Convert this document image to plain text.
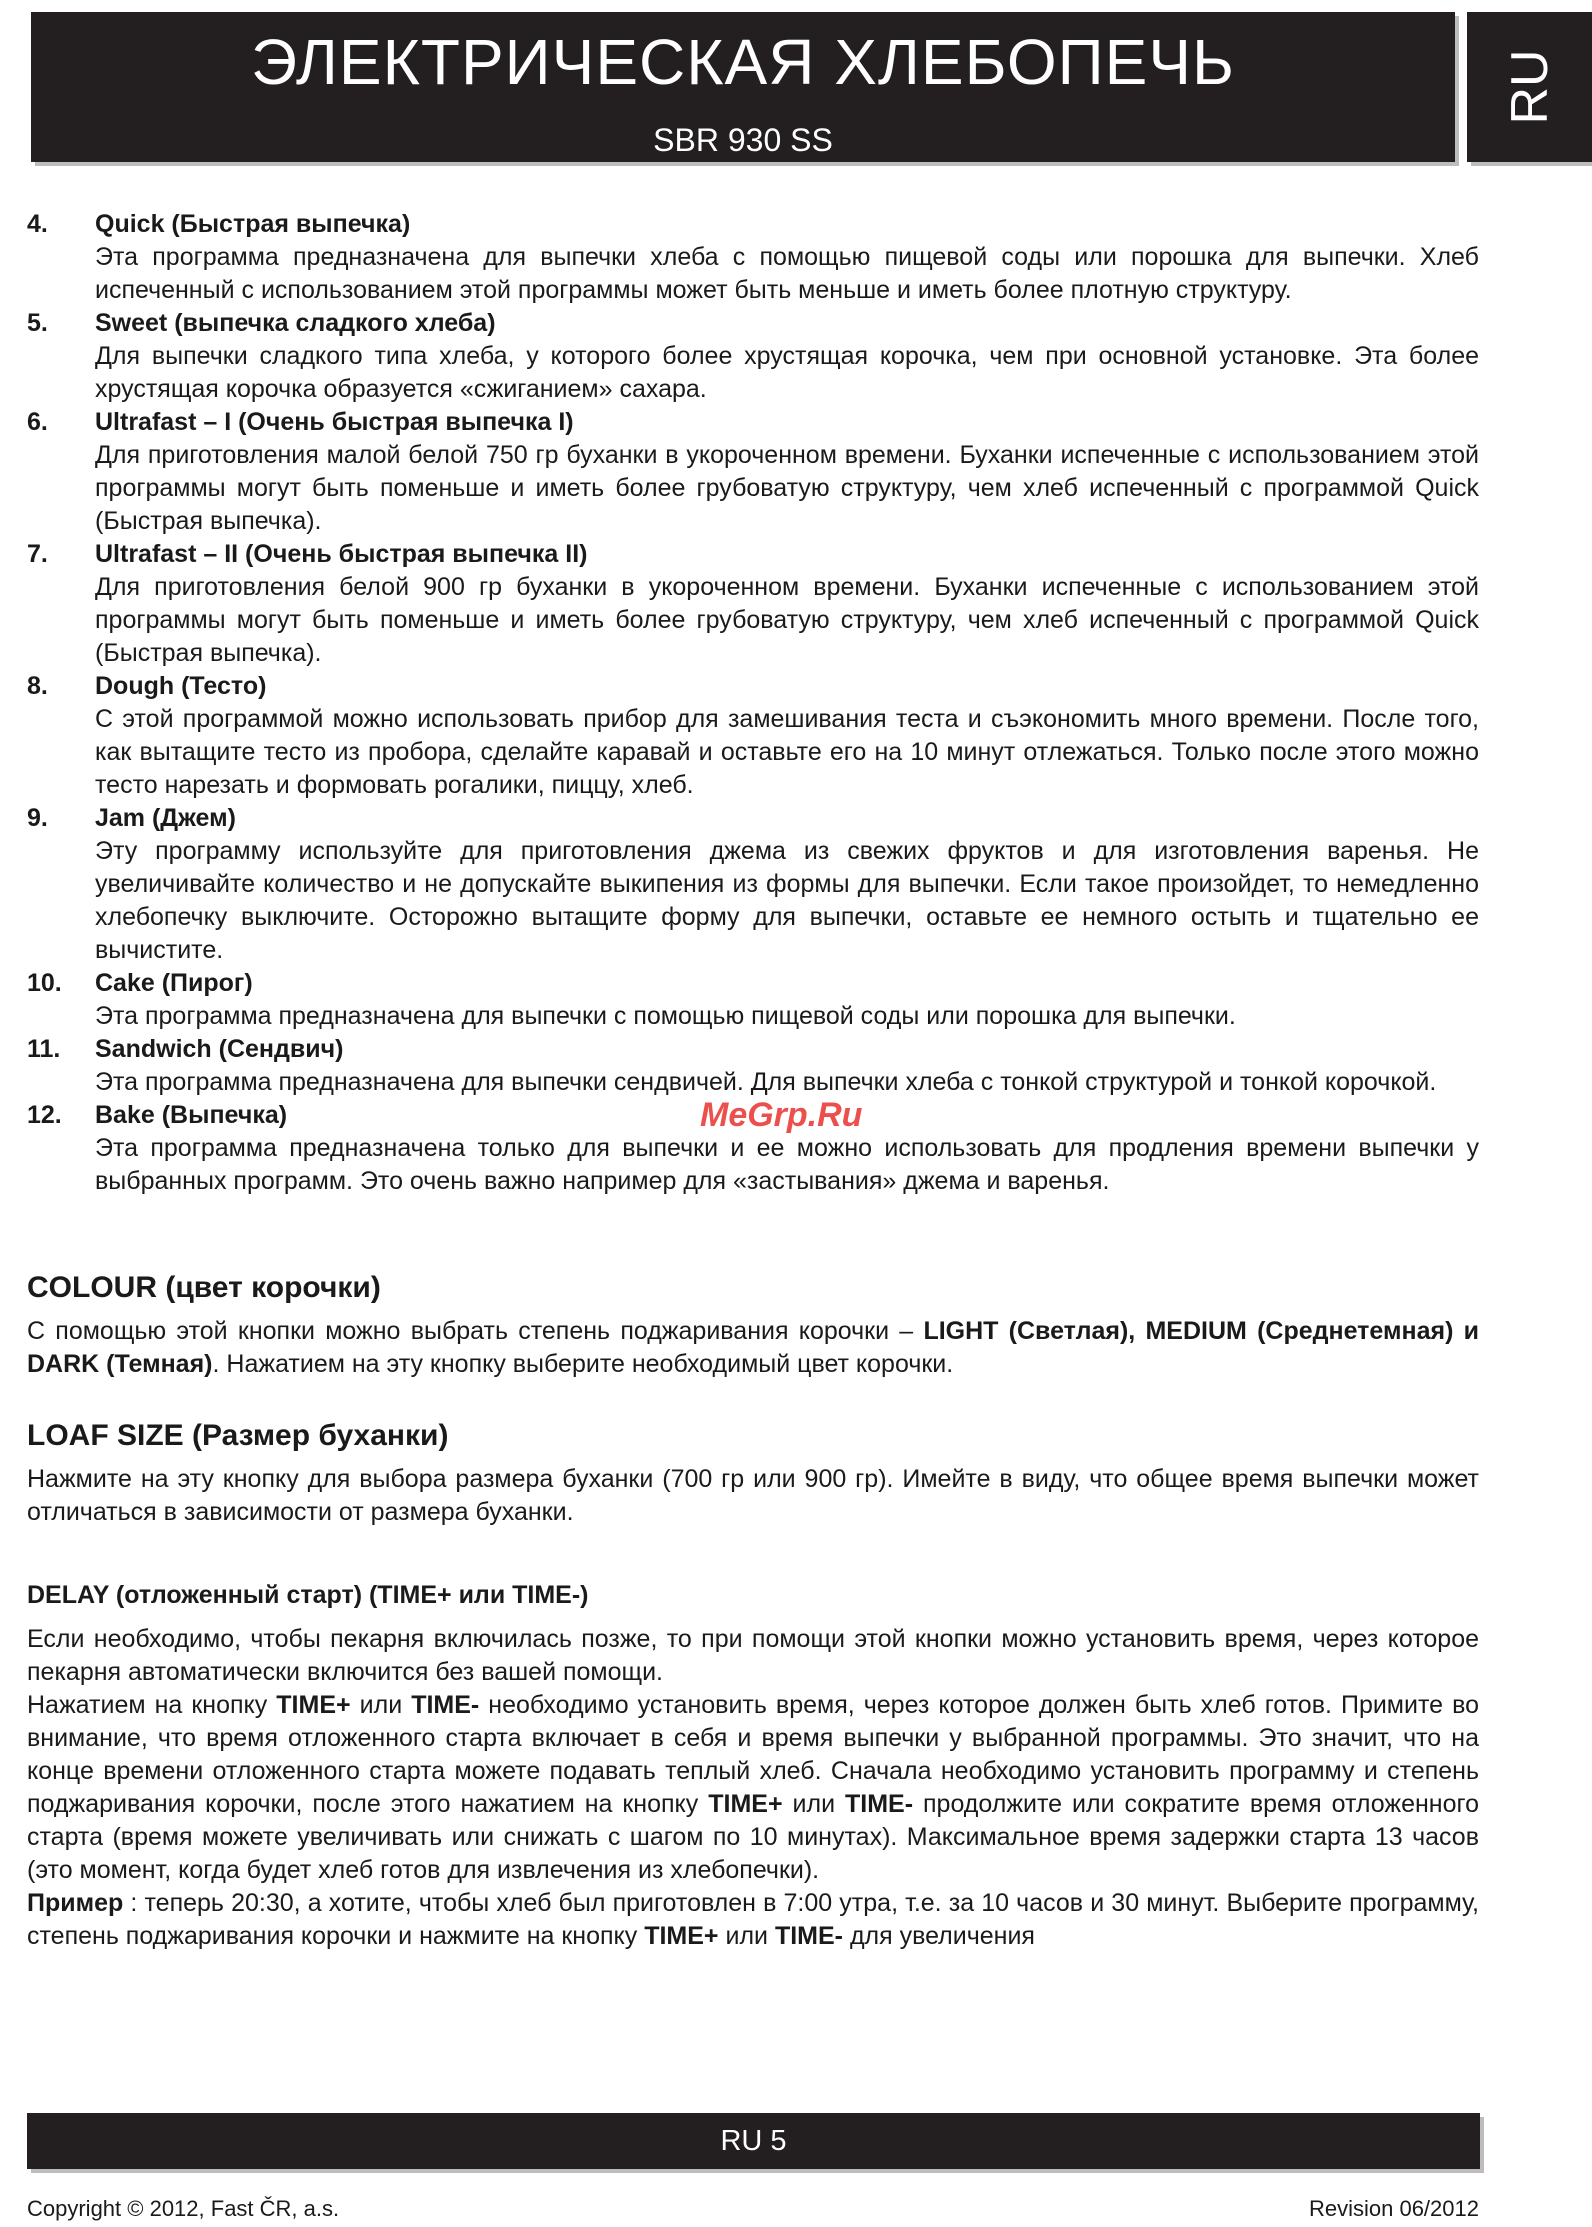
ЭЛЕКТРИЧЕСКАЯ ХЛЕБОПЕЧЬ
SBR 930 SS
RU
4. Quick (Быстрая выпечка)
Эта программа предназначена для выпечки хлеба с помощью пищевой соды или порошка для выпечки. Хлеб испеченный с использованием этой программы может быть меньше и иметь более плотную структуру.
5. Sweet (выпечка сладкого хлеба)
Для выпечки сладкого типа хлеба, у которого более хрустящая корочка, чем при основной установке. Эта более хрустящая корочка образуется «сжиганием» сахара.
6. Ultrafast – I (Очень быстрая выпечка I)
Для приготовления малой белой 750 гр буханки в укороченном времени. Буханки испеченные с использованием этой программы могут быть поменьше и иметь более грубоватую структуру, чем хлеб испеченный с программой Quick (Быстрая выпечка).
7. Ultrafast – II (Очень быстрая выпечка II)
Для приготовления белой 900 гр буханки в укороченном времени. Буханки испеченные с использованием этой программы могут быть поменьше и иметь более грубоватую структуру, чем хлеб испеченный с программой Quick (Быстрая выпечка).
8. Dough (Тесто)
С этой программой можно использовать прибор для замешивания теста и съэкономить много времени. После того, как вытащите тесто из пробора, сделайте каравай и оставьте его на 10 минут отлежаться. Только после этого можно тесто нарезать и формовать рогалики, пиццу, хлеб.
9. Jam (Джем)
Эту программу используйте для приготовления джема из свежих фруктов и для изготовления варенья. Не увеличивайте количество и не допускайте выкипения из формы для выпечки. Если такое произойдет, то немедленно хлебопечку выключите. Осторожно вытащите форму для выпечки, оставьте ее немного остыть и тщательно ее вычистите.
10. Cake (Пирог)
Эта программа предназначена для выпечки с помощью пищевой соды или порошка для выпечки.
11. Sandwich (Сендвич)
Эта программа предназначена для выпечки сендвичей. Для выпечки хлеба с тонкой структурой и тонкой корочкой.
12. Bake (Выпечка)
Эта программа предназначена только для выпечки и ее можно использовать для продления времени выпечки у выбранных программ. Это очень важно например для «застывания» джема и варенья.
COLOUR (цвет корочки)

С помощью этой кнопки можно выбрать степень поджаривания корочки – LIGHT (Светлая), MEDIUM (Среднетемная) и DARK (Темная). Нажатием на эту кнопку выберите необходимый цвет корочки.

LOAF SIZE (Размер буханки)

Нажмите на эту кнопку для выбора размера буханки (700 гр или 900 гр). Имейте в виду, что общее время выпечки может отличаться в зависимости от размера буханки.

DELAY (отложенный старт) (TIME+ или TIME-)

Если необходимо, чтобы пекарня включилась позже, то при помощи этой кнопки можно установить время, через которое пекарня автоматически включится без вашей помощи.

Нажатием на кнопку TIME+ или TIME- необходимо установить время, через которое должен быть хлеб готов. Примите во внимание, что время отложенного старта включает в себя и время выпечки у выбранной программы. Это значит, что на конце времени отложенного старта можете подавать теплый хлеб. Сначала необходимо установить программу и степень поджаривания корочки, после этого нажатием на кнопку TIME+ или TIME- продолжите или сократите время отложенного старта (время можете увеличивать или снижать с шагом по 10 минутах). Максимальное время задержки старта 13 часов (это момент, когда будет хлеб готов для извлечения из хлебопечки).

Пример : теперь 20:30, а хотите, чтобы хлеб был приготовлен в 7:00 утра, т.е. за 10 часов и 30 минут. Выберите программу, степень поджаривания корочки и нажмите на кнопку TIME+ или TIME- для увеличения

MeGrp.Ru
RU 5
Copyright © 2012, Fast ČR, a.s.	Revision 06/2012
